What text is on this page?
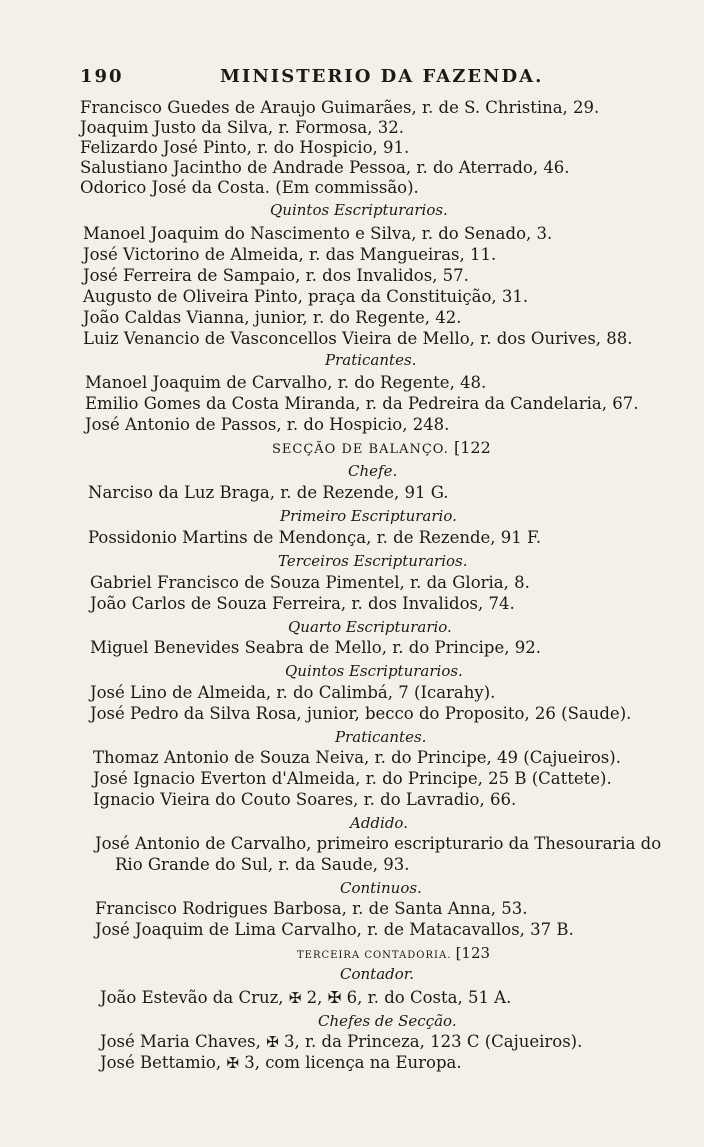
190	MINISTERIO DA FAZENDA.
Francisco Guedes de Araujo Guimarães, r. de S. Christina, 29.
Joaquim Justo da Silva, r. Formosa, 32.
Felizardo José Pinto, r. do Hospicio, 91.
Salustiano Jacintho de Andrade Pessoa, r. do Aterrado, 46.
Odorico José da Costa. (Em commissão).
Quintos Escripturarios.
Manoel Joaquim do Nascimento e Silva, r. do Senado, 3.
José Victorino de Almeida, r. das Mangueiras, 11.
José Ferreira de Sampaio, r. dos Invalidos, 57.
Augusto de Oliveira Pinto, praça da Constituição, 31.
João Caldas Vianna, junior, r. do Regente, 42.
Luiz Venancio de Vasconcellos Vieira de Mello, r. dos Ourives, 88.
Praticantes.
Manoel Joaquim de Carvalho, r. do Regente, 48.
Emilio Gomes da Costa Miranda, r. da Pedreira da Candelaria, 67.
José Antonio de Passos, r. do Hospicio, 248.
SECÇÃO DE BALANÇO. [122
Chefe.
Narciso da Luz Braga, r. de Rezende, 91 G.
Primeiro Escripturario.
Possidonio Martins de Mendonça, r. de Rezende, 91 F.
Terceiros Escripturarios.
Gabriel Francisco de Souza Pimentel, r. da Gloria, 8.
João Carlos de Souza Ferreira, r. dos Invalidos, 74.
Quarto Escripturario.
Miguel Benevides Seabra de Mello, r. do Principe, 92.
Quintos Escripturarios.
José Lino de Almeida, r. do Calimbá, 7 (Icarahy).
José Pedro da Silva Rosa, junior, becco do Proposito, 26 (Saude).
Praticantes.
Thomaz Antonio de Souza Neiva, r. do Principe, 49 (Cajueiros).
José Ignacio Everton d'Almeida, r. do Principe, 25 B (Cattete).
Ignacio Vieira do Couto Soares, r. do Lavradio, 66.
Addido.
José Antonio de Carvalho, primeiro escripturario da Thesouraria do
Rio Grande do Sul, r. da Saude, 93.
Continuos.
Francisco Rodrigues Barbosa, r. de Santa Anna, 53.
José Joaquim de Lima Carvalho, r. de Matacavallos, 37 B.
TERCEIRA CONTADORIA. [123
Contador.
João Estevão da Cruz, ✠ 2, ✠ 6, r. do Costa, 51 A.
Chefes de Secção.
José Maria Chaves, ✠ 3, r. da Princeza, 123 C (Cajueiros).
José Bettamio, ✠ 3, com licença na Europa.
